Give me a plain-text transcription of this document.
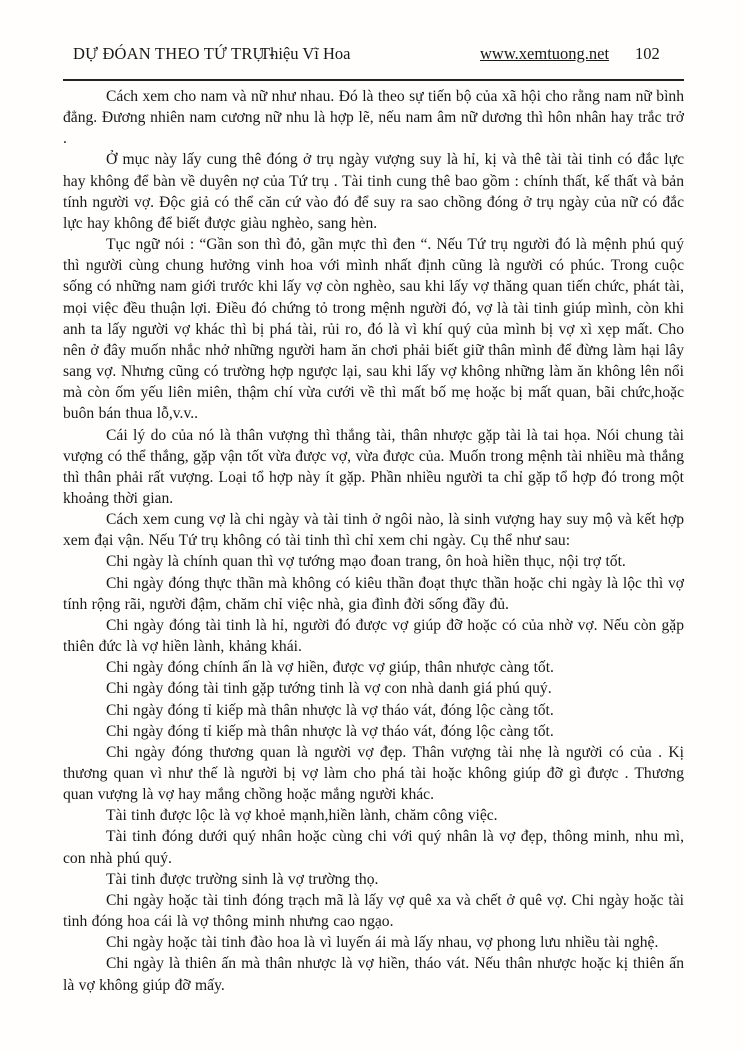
DỰ ĐÓAN THEO TỨ TRỤ -
Thiệu Vĩ Hoa	www.xemtuong.net 102

Cách xem cho nam và nữ như nhau. Đó là theo sự tiến bộ của xã hội cho rằng nam nữ bình đẳng. Đương nhiên nam cương nữ nhu là hợp lẽ, nếu nam âm nữ dương thì hôn nhân hay trắc trở .

Ở mục này lấy cung thê đóng ở trụ ngày vượng suy là hỉ, kị và thê tài tài tinh có đắc lực hay không để bàn về duyên nợ của Tứ trụ . Tài tinh cung thê bao gồm : chính thất, kế thất và bản tính người vợ. Độc giả có thể căn cứ vào đó để suy ra sao chồng đóng ở trụ ngày của nữ có đắc lực hay không để biết được giàu nghèo, sang hèn.

Tục ngữ nói : “Gần son thì đỏ, gần mực thì đen “. Nếu Tứ trụ người đó là mệnh phú quý thì người cùng chung hưởng vinh hoa với mình nhất định cũng là người có phúc. Trong cuộc sống có những nam giới trước khi lấy vợ còn nghèo, sau khi lấy vợ thăng quan tiến chức, phát tài, mọi việc đều thuận lợi. Điều đó chứng tỏ trong mệnh người đó, vợ là tài tinh giúp mình, còn khi anh ta lấy người vợ khác thì bị phá tài, rủi ro, đó là vì khí quý của mình bị vợ xì xẹp mất. Cho nên ở đây muốn nhắc nhở những người ham ăn chơi phải biết giữ thân mình để đừng làm hại lây sang vợ. Nhưng cũng có trường hợp ngược lại, sau khi lấy vợ không những làm ăn không lên nổi mà còn ốm yếu liên miên, thậm chí vừa cưới về thì mất bố mẹ hoặc bị mất quan, bãi chức,hoặc buôn bán thua lỗ,v.v..

Cái lý do của nó là thân vượng thì thắng tài, thân nhược gặp tài là tai họa. Nói chung tài vượng có thể thắng, gặp vận tốt vừa được vợ, vừa được của. Muốn trong mệnh tài nhiều mà thắng thì thân phải rất vượng. Loại tổ hợp này ít gặp. Phần nhiều người ta chỉ gặp tổ hợp đó trong một khoảng thời gian.

Cách xem cung vợ là chi ngày và tài tinh ở ngôi nào, là sinh vượng hay suy mộ và kết hợp xem đại vận. Nếu Tứ trụ không có tài tinh thì chỉ xem chi ngày. Cụ thể như sau:

Chi ngày là chính quan thì vợ tướng mạo đoan trang, ôn hoà hiền thục, nội trợ tốt.

Chi ngày đóng thực thần mà không có kiêu thần đoạt thực thần hoặc chi ngày là lộc thì vợ tính rộng rãi, người đậm, chăm chỉ việc nhà, gia đình đời sống đầy đủ.

Chi ngày đóng tài tinh là hỉ, người đó được vợ giúp đỡ hoặc có của nhờ vợ. Nếu còn gặp thiên đức là vợ hiền lành, khảng khái.

Chi ngày đóng chính ấn là vợ hiền, được vợ giúp, thân nhược càng tốt.

Chi ngày đóng tài tinh gặp tướng tinh là vợ con nhà danh giá phú quý.

Chi ngày đóng tỉ kiếp mà thân nhược là vợ tháo vát, đóng lộc càng tốt.

Chi ngày đóng tỉ kiếp mà thân nhược là vợ tháo vát, đóng lộc càng tốt.

Chi ngày đóng thương quan là người vợ đẹp. Thân vượng tài nhẹ là người có của . Kị thương quan vì như thế là người bị vợ làm cho phá tài hoặc không giúp đỡ gì được . Thương quan vượng là vợ hay mắng chồng hoặc mắng người khác.

Tài tinh được lộc là vợ khoẻ mạnh,hiền lành, chăm công việc.

Tài tinh đóng dưới quý nhân hoặc cùng chi với quý nhân là vợ đẹp, thông minh, nhu mì, con nhà phú quý.

Tài tinh được trường sinh là vợ trường thọ.

Chi ngày hoặc tài tinh đóng trạch mã là lấy vợ quê xa và chết ở quê vợ. Chi ngày hoặc tài tinh đóng hoa cái là vợ thông minh nhưng cao ngạo.

Chi ngày hoặc tài tinh đào hoa là vì luyến ái mà lấy nhau, vợ phong lưu nhiều tài nghệ.

Chi ngày là thiên ấn mà thân nhược là vợ hiền, tháo vát. Nếu thân nhược hoặc kị thiên ấn là vợ không giúp đỡ mấy.
